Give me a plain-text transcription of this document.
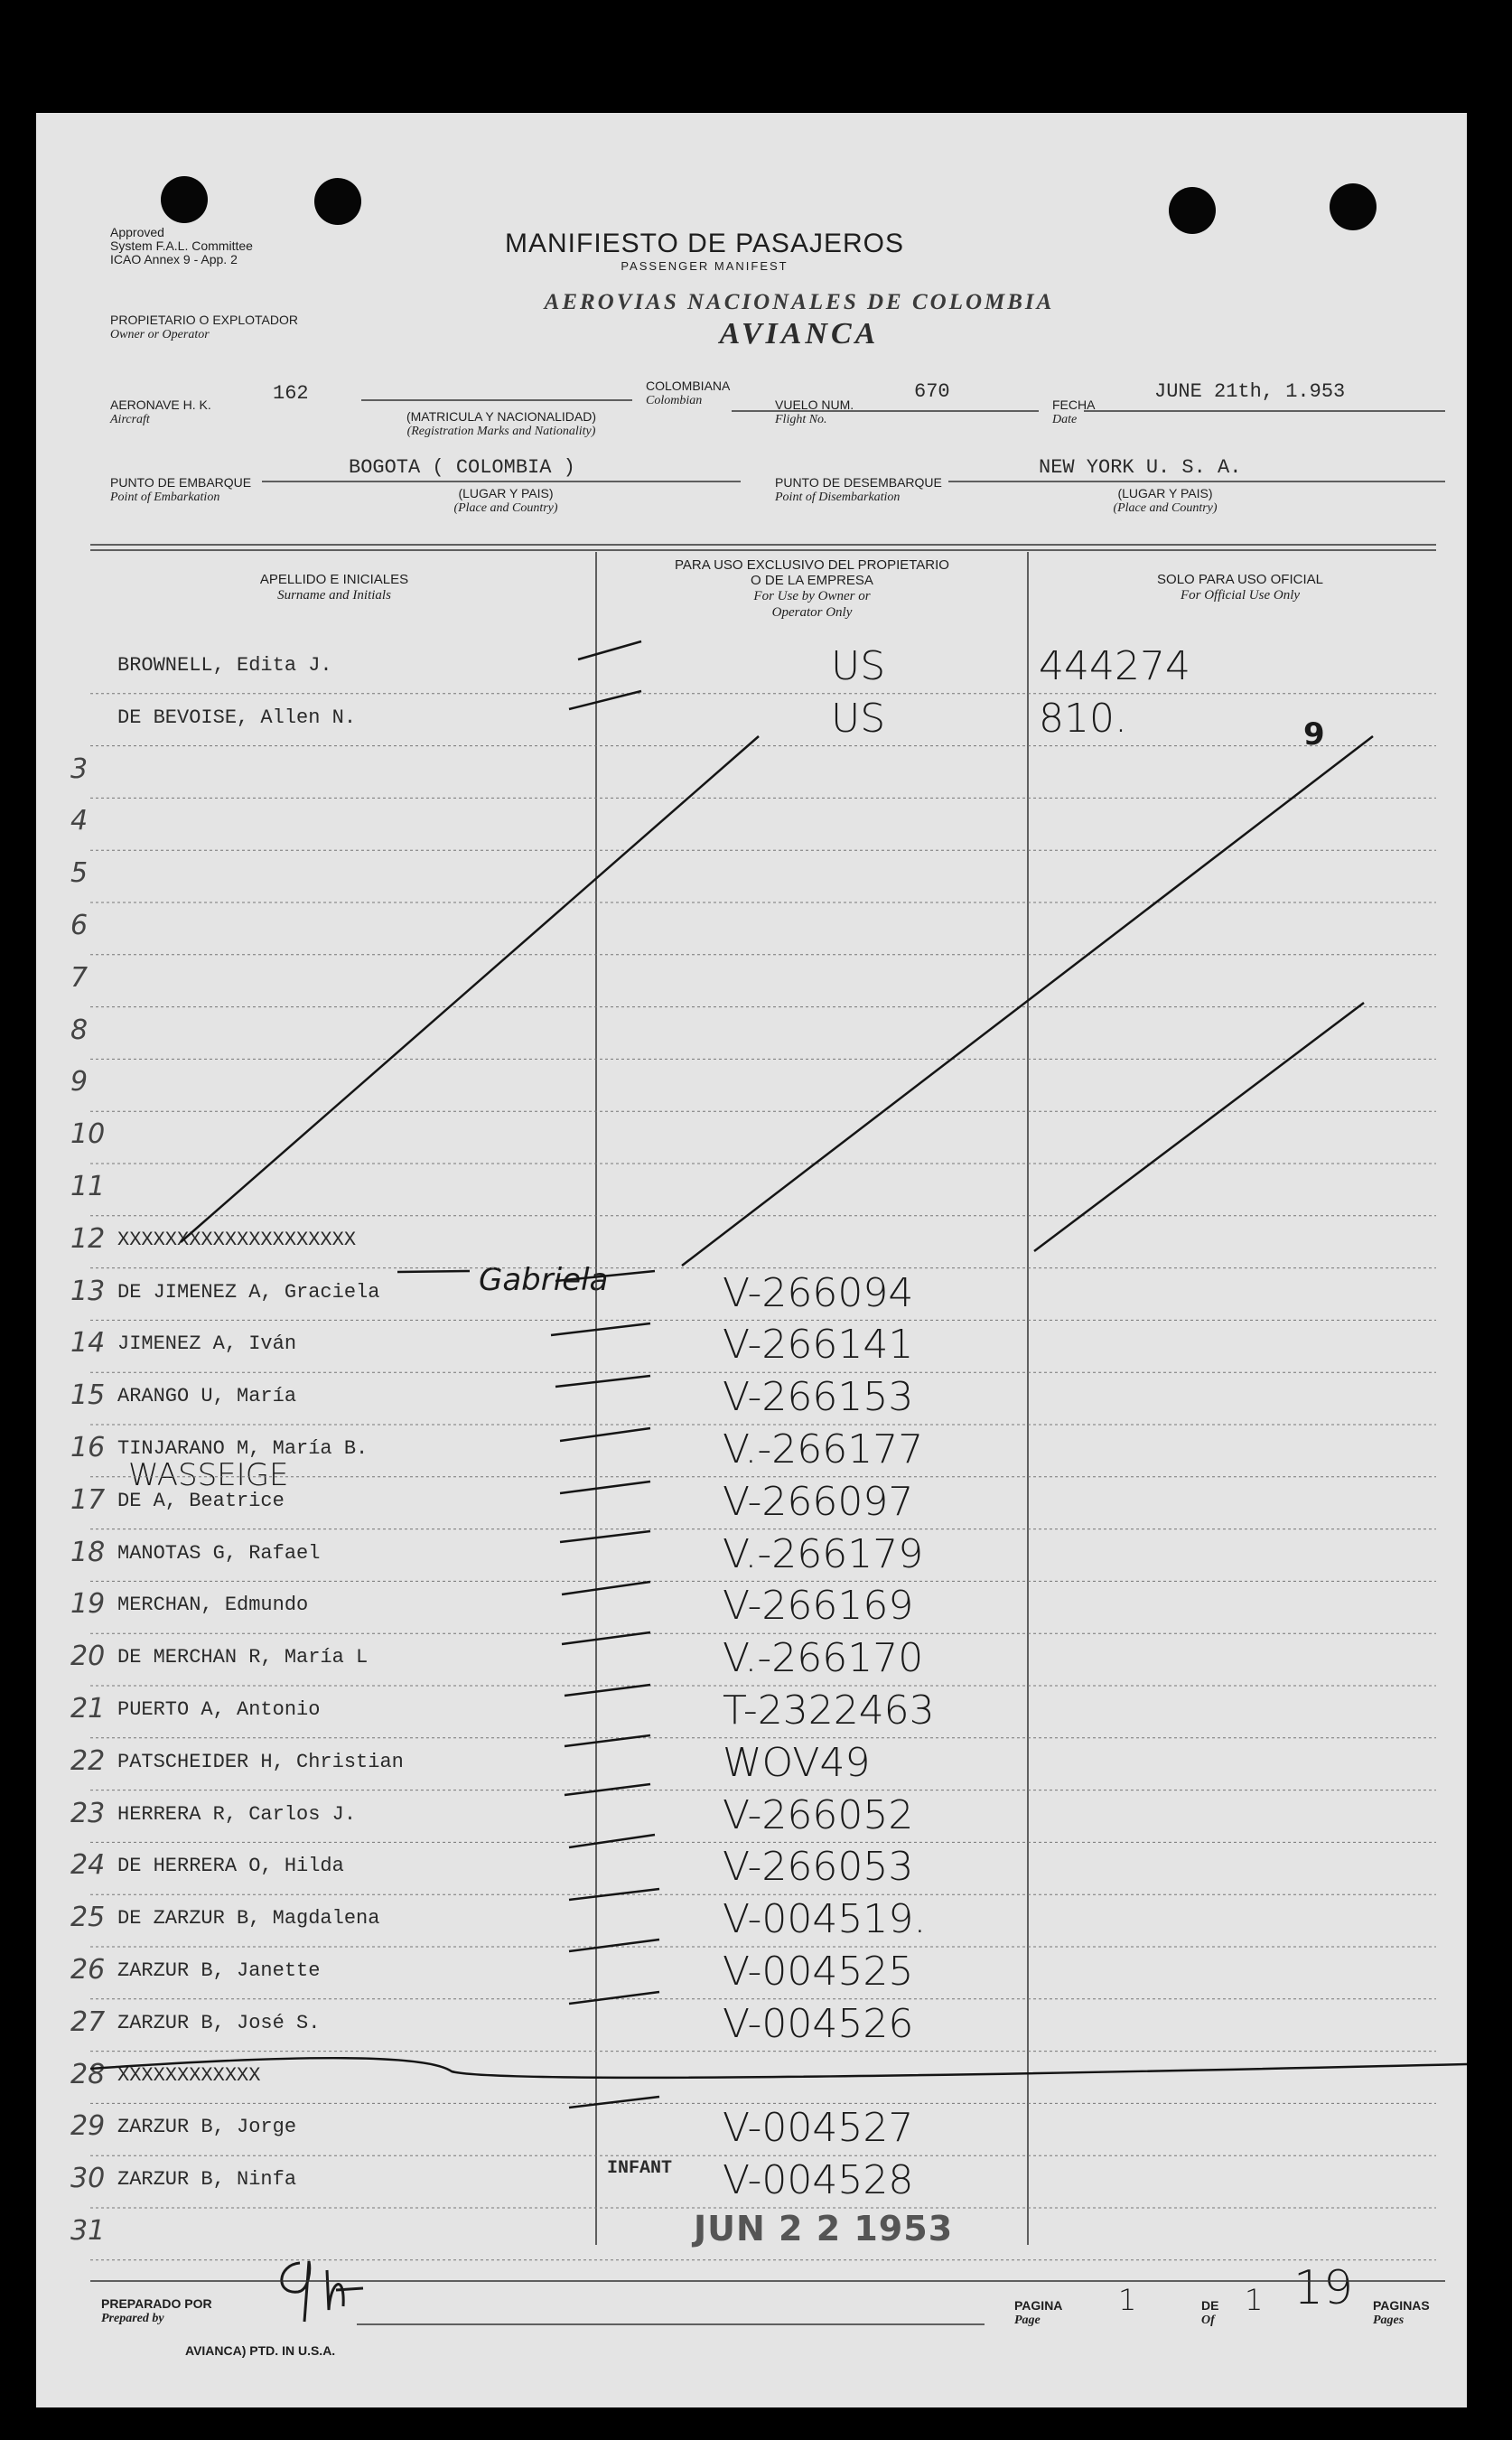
Approved
System F.A.L. Committee
ICAO Annex 9 - App. 2
PROPIETARIO O EXPLOTADOR
Owner or Operator
MANIFIESTO DE PASAJEROS
PASSENGER MANIFEST
AEROVIAS NACIONALES DE COLOMBIA
AVIANCA
AERONAVE H. K.
Aircraft
162
(MATRICULA Y NACIONALIDAD)
(Registration Marks and Nationality)
COLOMBIANA
Colombian	VUELO NUM.
Flight No.
670
FECHA
Date
JUNE 21th, 1.953
PUNTO DE EMBARQUE
Point of Embarkation
BOGOTA ( COLOMBIA )
(LUGAR Y PAIS)
(Place and Country)
PUNTO DE DESEMBARQUE
Point of Disembarkation
NEW YORK U. S. A.
(LUGAR Y PAIS)
(Place and Country)
APELLIDO E INICIALES
Surname and Initials
PARA USO EXCLUSIVO DEL PROPIETARIO
O DE LA EMPRESA
For Use by Owner or
Operator Only
SOLO PARA USO OFICIAL
For Official Use Only
BROWNELL, Edita J.	US	444274
DE BEVOISE, Allen N.	US	810.
3
4
5
6
7
8
9
10
11
12 XXXXXXXXXXXXXXXXXXXX
13 DE JIMENEZ A, Graciela	V-266094
14 JIMENEZ A, Iván	V-266141
15 ARANGO U, María	V-266153
16 TINJARANO M, María B.	V.-266177
17 DE A, Beatrice	V-266097
18 MANOTAS G, Rafael	V.-266179
19 MERCHAN, Edmundo	V-266169
20 DE MERCHAN R, María L	V.-266170
21 PUERTO A, Antonio	T-2322463
22 PATSCHEIDER H, Christian	WOV49
23 HERRERA R, Carlos J.	V-266052
24 DE HERRERA O, Hilda	V-266053
25 DE ZARZUR B, Magdalena	V-004519.
26 ZARZUR B, Janette	V-004525
27 ZARZUR B, José S.	V-004526
28 XXXXXXXXXXXX
29 ZARZUR B, Jorge	V-004527
30 ZARZUR B, Ninfa	V-004528
31
Gabriela
WASSEIGE
INFANT
9
JUN 2 2 1953
PREPARADO POR
Prepared by
AVIANCA) PTD. IN U.S.A.
PAGINA
Page
1	DE
Of
1 19 PAGINAS
Pages
